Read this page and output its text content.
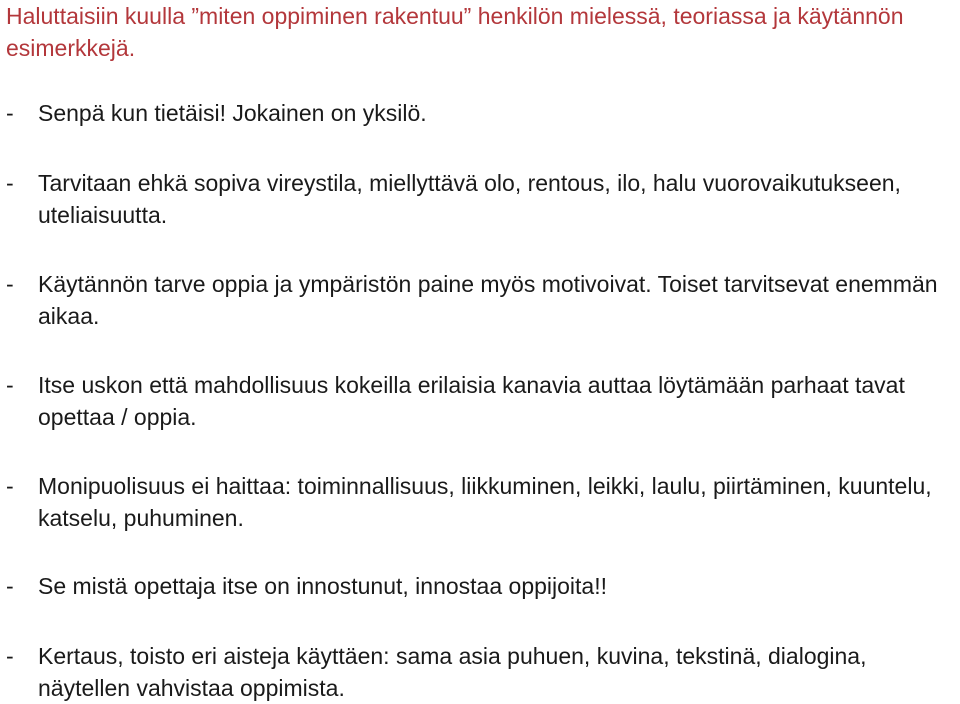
Haluttaisiin kuulla ”miten oppiminen rakentuu” henkilön mielessä, teoriassa ja käytännön esimerkkejä.

-	Senpä kun tietäisi! Jokainen on yksilö.
-	Tarvitaan ehkä sopiva vireystila, miellyttävä olo, rentous, ilo, halu vuorovaikutukseen, uteliaisuutta.
-	Käytännön tarve oppia ja ympäristön paine myös motivoivat. Toiset tarvitsevat enemmän aikaa.
-	Itse uskon että mahdollisuus kokeilla erilaisia kanavia auttaa löytämään parhaat tavat opettaa / oppia.
-	Monipuolisuus ei haittaa: toiminnallisuus, liikkuminen, leikki, laulu, piirtäminen, kuuntelu, katselu, puhuminen.
-	Se mistä opettaja itse on innostunut, innostaa oppijoita!!
-	Kertaus, toisto eri aisteja käyttäen: sama asia puhuen, kuvina, tekstinä, dialogina, näytellen vahvistaa oppimista.
